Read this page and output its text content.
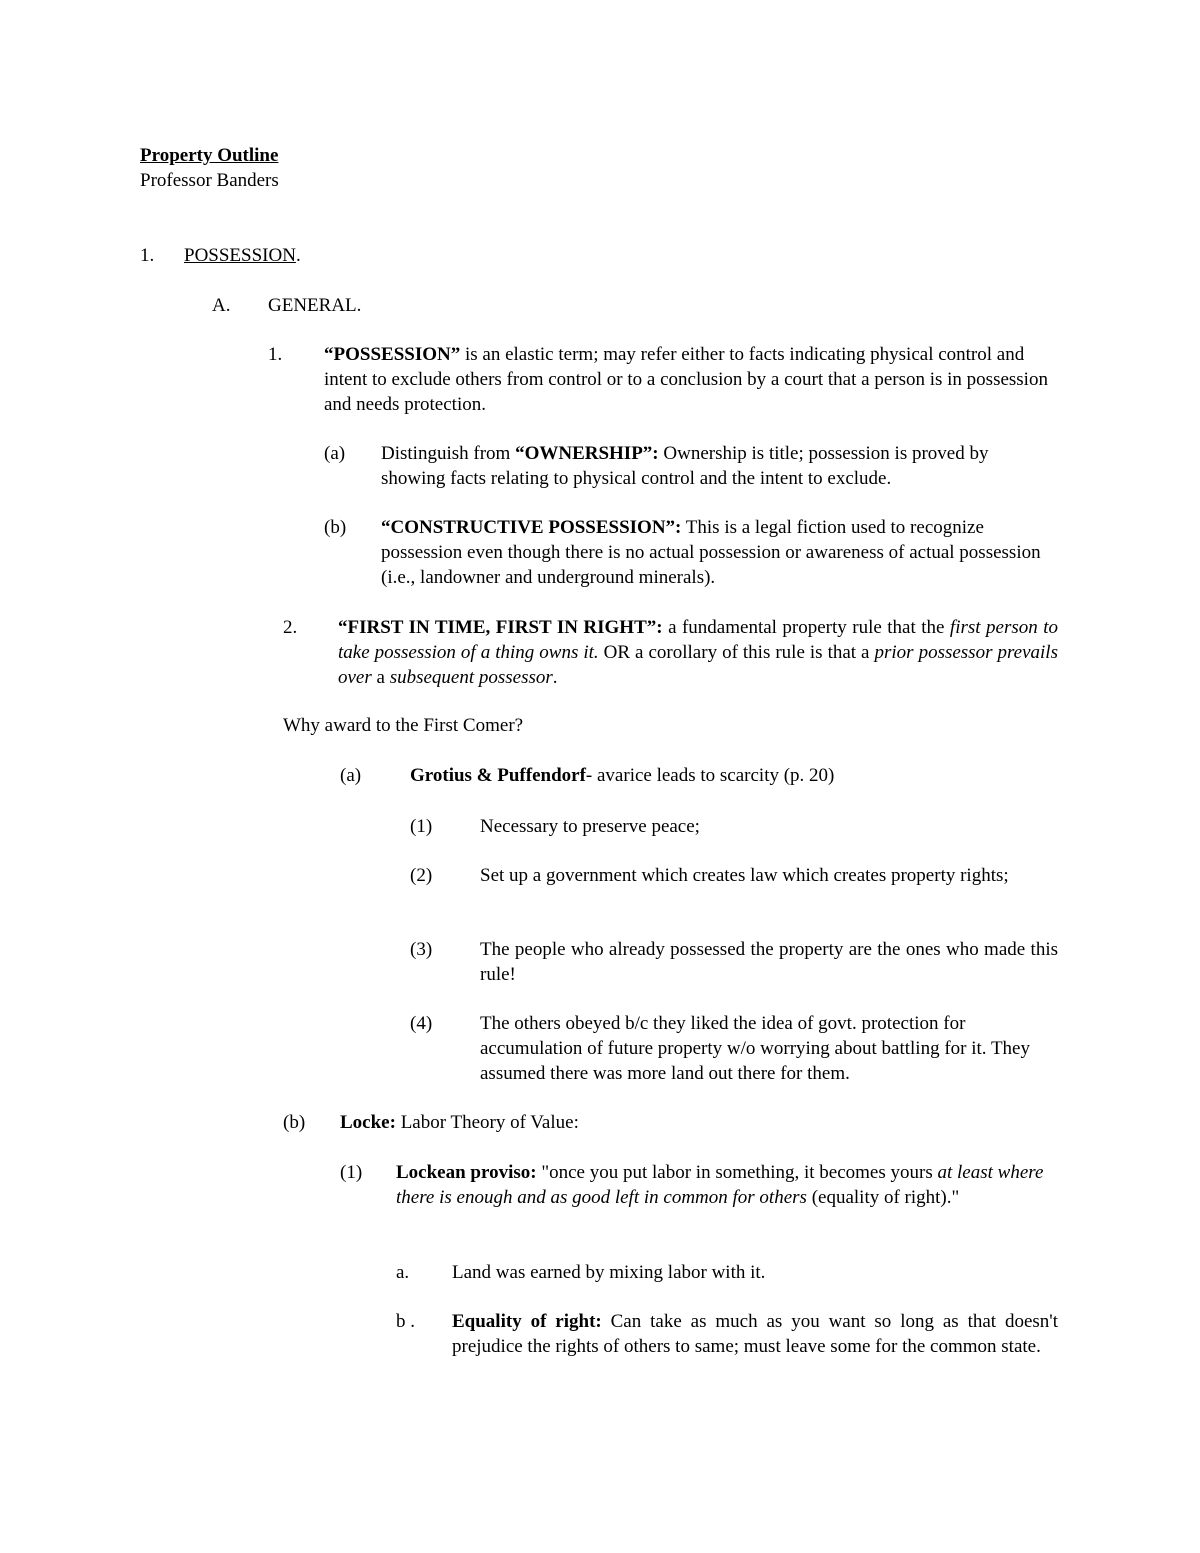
Property Outline
Professor Banders
1. POSSESSION.
A. GENERAL.
1. “POSSESSION” is an elastic term; may refer either to facts indicating physical control and intent to exclude others from control or to a conclusion by a court that a person is in possession and needs protection.
(a) Distinguish from “OWNERSHIP”: Ownership is title; possession is proved by showing facts relating to physical control and the intent to exclude.
(b) “CONSTRUCTIVE POSSESSION”: This is a legal fiction used to recognize possession even though there is no actual possession or awareness of actual possession (i.e., landowner and underground minerals).
2. “FIRST IN TIME, FIRST IN RIGHT”: a fundamental property rule that the first person to take possession of a thing owns it. OR a corollary of this rule is that a prior possessor prevails over a subsequent possessor.
Why award to the First Comer?
(a)	Grotius & Puffendorf- avarice leads to scarcity (p. 20)
(1)	Necessary to preserve peace;
(2)	Set up a government which creates law which creates property rights;
(3)	The people who already possessed the property are the ones who made this rule!
(4)	The others obeyed b/c they liked the idea of govt. protection for accumulation of future property w/o worrying about battling for it. They assumed there was more land out there for them.
(b) Locke: Labor Theory of Value:
(1) Lockean proviso: "once you put labor in something, it becomes yours at least where there is enough and as good left in common for others (equality of right)."
a. Land was earned by mixing labor with it.
b . Equality of right: Can take as much as you want so long as that doesn't prejudice the rights of others to same; must leave some for the common state.
